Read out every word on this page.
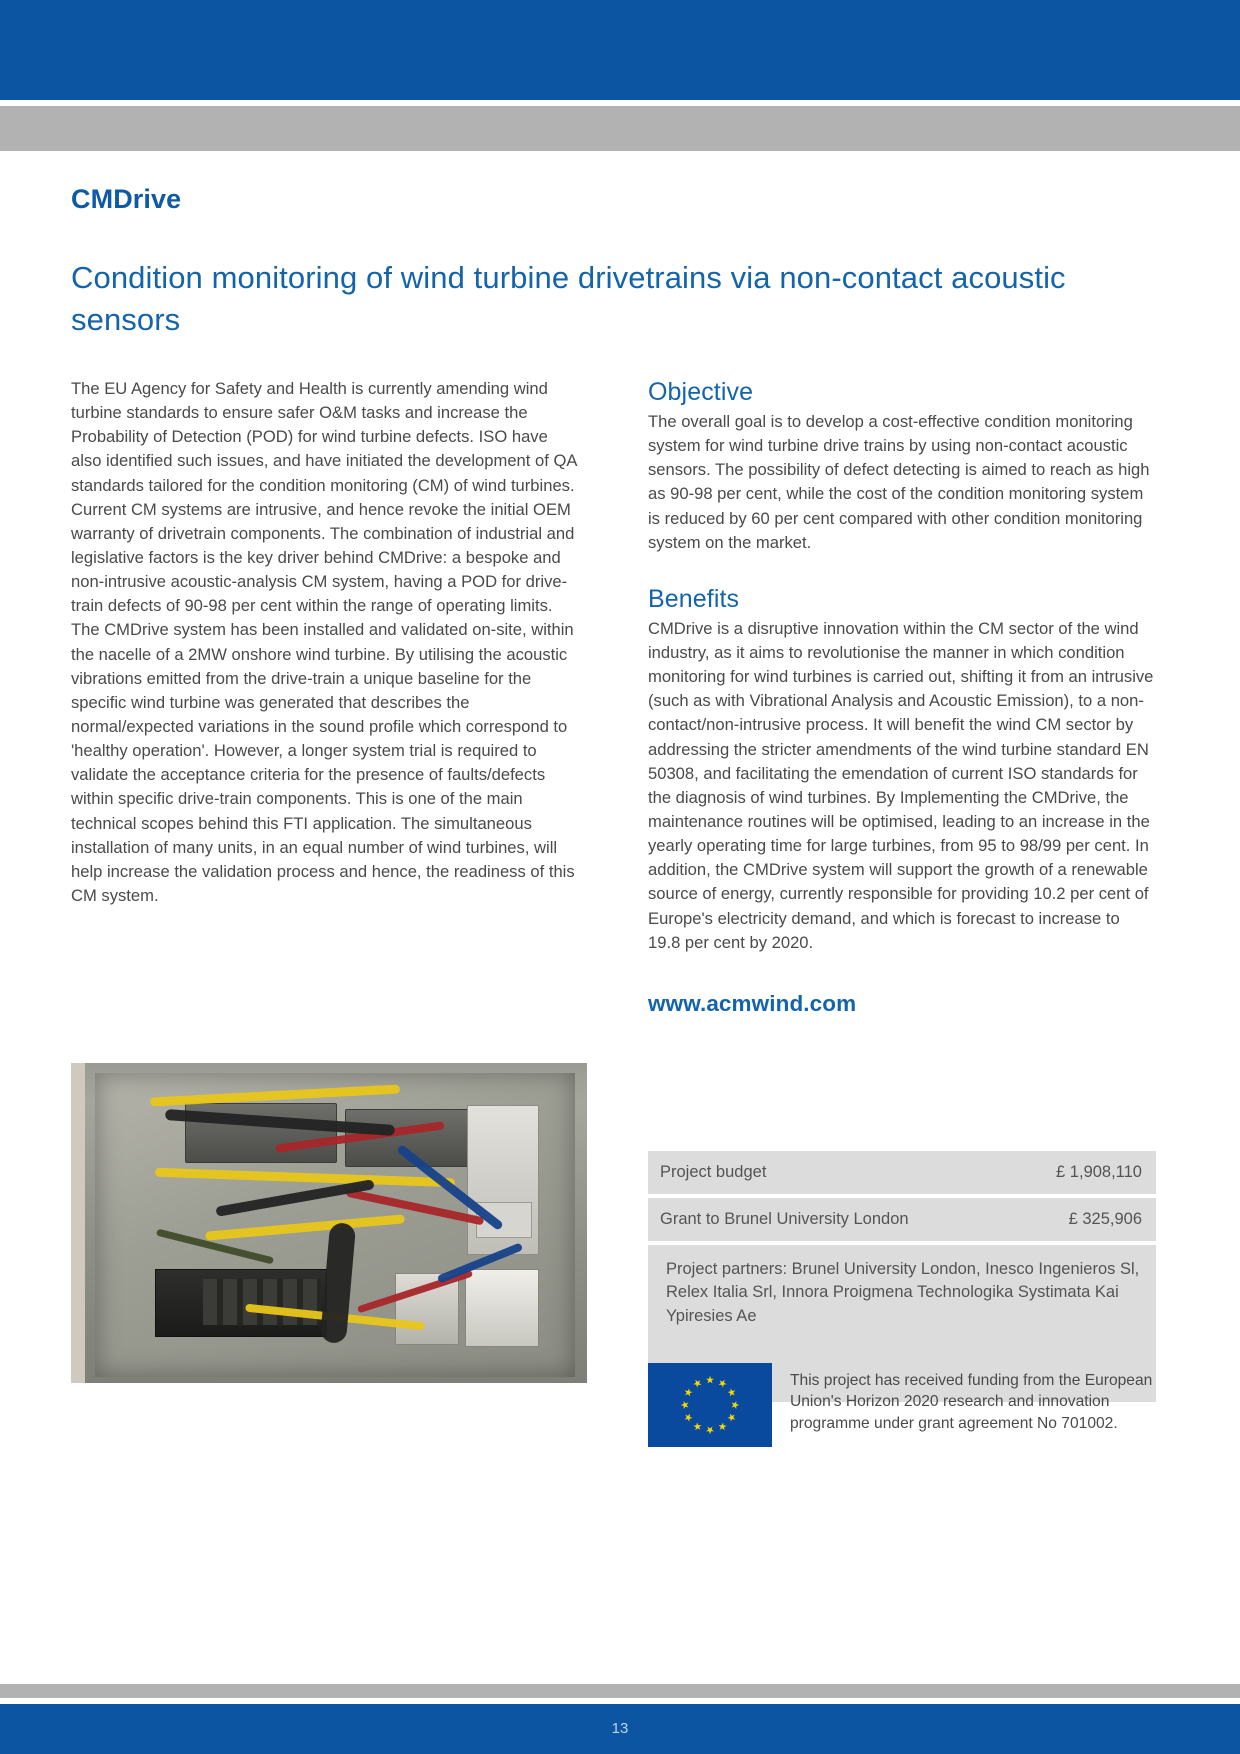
CMDrive
Condition monitoring of wind turbine drivetrains via non-contact acoustic sensors

The EU Agency for Safety and Health is currently amending wind turbine standards to ensure safer O&M tasks and increase the Probability of Detection (POD) for wind turbine defects. ISO have also identified such issues, and have initiated the development of QA standards tailored for the condition monitoring (CM) of wind turbines. Current CM systems are intrusive, and hence revoke the initial OEM warranty of drivetrain components. The combination of industrial and legislative factors is the key driver behind CMDrive: a bespoke and non-intrusive acoustic-analysis CM system, having a POD for drive-train defects of 90-98 per cent within the range of operating limits. The CMDrive system has been installed and validated on-site, within the nacelle of a 2MW onshore wind turbine. By utilising the acoustic vibrations emitted from the drive-train a unique baseline for the specific wind turbine was generated that describes the normal/expected variations in the sound profile which correspond to 'healthy operation'. However, a longer system trial is required to validate the acceptance criteria for the presence of faults/defects within specific drive-train components. This is one of the main technical scopes behind this FTI application. The simultaneous installation of many units, in an equal number of wind turbines, will help increase the validation process and hence, the readiness of this CM system.

Objective

The overall goal is to develop a cost-effective condition monitoring system for wind turbine drive trains by using non-contact acoustic sensors. The possibility of defect detecting is aimed to reach as high as 90-98 per cent, while the cost of the condition monitoring system is reduced by 60 per cent compared with other condition monitoring system on the market.

Benefits

CMDrive is a disruptive innovation within the CM sector of the wind industry, as it aims to revolutionise the manner in which condition monitoring for wind turbines is carried out, shifting it from an intrusive (such as with Vibrational Analysis and Acoustic Emission), to a non-contact/non-intrusive process. It will benefit the wind CM sector by addressing the stricter amendments of the wind turbine standard EN 50308, and facilitating the emendation of current ISO standards for the diagnosis of wind turbines. By Implementing the CMDrive, the maintenance routines will be optimised, leading to an increase in the yearly operating time for large turbines, from 95 to 98/99 per cent. In addition, the CMDrive system will support the growth of a renewable source of energy, currently responsible for providing 10.2 per cent of Europe's electricity demand, and which is forecast to increase to 19.8 per cent by 2020.

www.acmwind.com
Project budget	£ 1,908,110
Grant to Brunel University London	£ 325,906
Project partners: Brunel University London, Inesco Ingenieros Sl, Relex Italia Srl, Innora Proigmena Technologika Systimata Kai Ypiresies Ae
This project has received funding from the European Union's Horizon 2020 research and innovation programme under grant agreement No 701002.
13
